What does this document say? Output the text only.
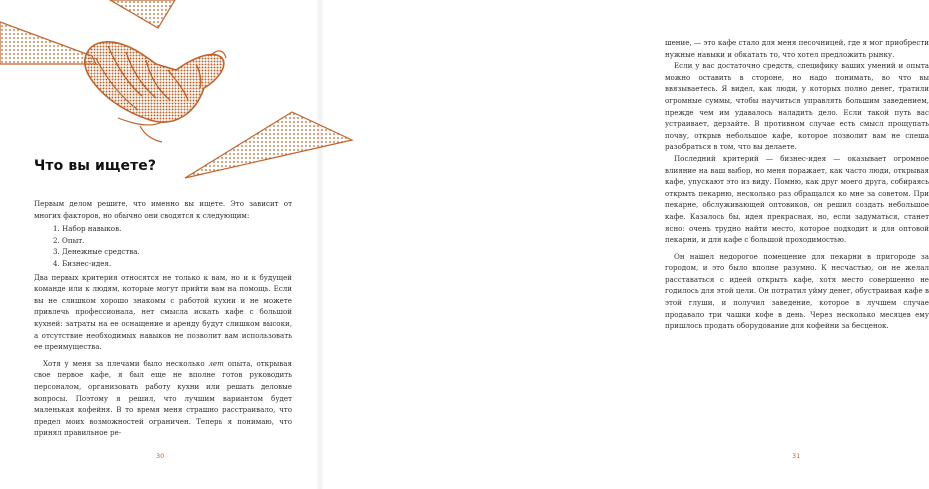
Что вы ищете?

Первым делом решите, что именно вы ищете. Это зависит от многих факторов, но обычно они сводятся к следующим:

1. Набор навыков.
2. Опыт.
3. Денежные средства.
4. Бизнес-идея.

Два первых критерия относятся не только к вам, но и к будущей команде или к людям, которые могут прийти вам на помощь. Если вы не слишком хорошо знакомы с работой кухни и не можете привлечь профессионала, нет смысла искать кафе с большой кухней: затраты на ее оснащение и аренду будут слишком высоки, а отсутствие необходимых навыков не позволит вам использовать ее преимущества.

Хотя у меня за плечами было несколько лет опыта, открывая свое первое кафе, я был еще не вполне готов руководить персоналом, организовать работу кухни или решать деловые вопросы. Поэтому я решил, что лучшим вариантом будет маленькая кофейня. В то время меня страшно расстраивало, что предел моих возможностей ограничен. Теперь я понимаю, что принял правильное ре-

30

шение, — это кафе стало для меня песочницей, где я мог приобрести нужные навыки и обкатать то, что хотел предложить рынку.

Если у вас достаточно средств, специфику ваших умений и опыта можно оставить в стороне, но надо понимать, во что вы ввязываетесь. Я видел, как люди, у которых полно денег, тратили огромные суммы, чтобы научиться управлять большим заведением, прежде чем им удавалось наладить дело. Если такой путь вас устраивает, дерзайте. В противном случае есть смысл прощупать почву, открыв небольшое кафе, которое позволит вам не спеша разобраться в том, что вы делаете.

Последний критерий — бизнес-идея — оказывает огромное влияние на ваш выбор, но меня поражает, как часто люди, открывая кафе, упускают это из виду. Помню, как друг моего друга, собираясь открыть пекарню, несколько раз обращался ко мне за советом. При пекарне, обслуживающей оптовиков, он решил создать небольшое кафе. Казалось бы, идея прекрасная, но, если задуматься, станет ясно: очень трудно найти место, которое подходит и для оптовой пекарни, и для кафе с большой проходимостью.

Он нашел недорогое помещение для пекарни в пригороде за городом, и это было вполне разумно. К несчастью, он не желал расставаться с идеей открыть кафе, хотя место совершенно не годилось для этой цели. Он потратил уйму денег, обустраивая кафе в этой глуши, и получил заведение, которое в лучшем случае продавало три чашки кофе в день. Через несколько месяцев ему пришлось продать оборудование для кофейни за бесценок.

31
